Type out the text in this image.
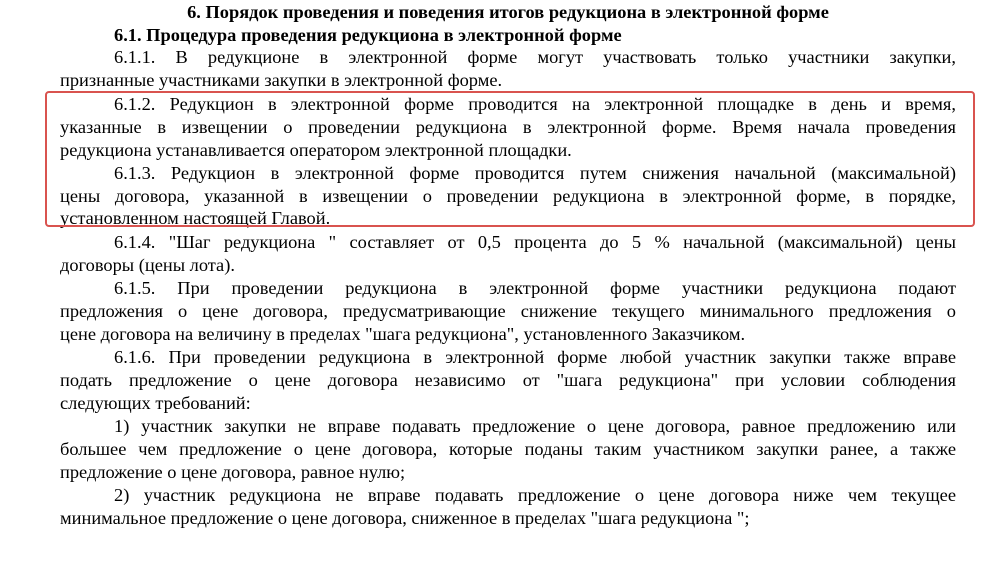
6. Порядок проведения и поведения итогов редукциона в электронной форме
6.1. Процедура проведения редукциона в электронной форме
6.1.1. В редукционе в электронной форме могут участвовать только участники закупки,
признанные участниками закупки в электронной форме.
6.1.2. Редукцион в электронной форме проводится на электронной площадке в день и время,
указанные в извещении о проведении редукциона в электронной форме. Время начала проведения
редукциона устанавливается оператором электронной площадки.
6.1.3. Редукцион в электронной форме проводится путем снижения начальной (максимальной)
цены договора, указанной в извещении о проведении редукциона в электронной форме, в порядке,
установленном настоящей Главой.
6.1.4. "Шаг редукциона " составляет от 0,5 процента до 5 % начальной (максимальной) цены
договоры (цены лота).
6.1.5. При проведении редукциона в электронной форме участники редукциона подают
предложения о цене договора, предусматривающие снижение текущего минимального предложения о
цене договора на величину в пределах "шага редукциона", установленного Заказчиком.
6.1.6. При проведении редукциона в электронной форме любой участник закупки также вправе
подать предложение о цене договора независимо от "шага редукциона" при условии соблюдения
следующих требований:
1) участник закупки не вправе подавать предложение о цене договора, равное предложению или
большее чем предложение о цене договора, которые поданы таким участником закупки ранее, а также
предложение о цене договора, равное нулю;
2) участник редукциона не вправе подавать предложение о цене договора ниже чем текущее
минимальное предложение о цене договора, сниженное в пределах "шага редукциона ";
